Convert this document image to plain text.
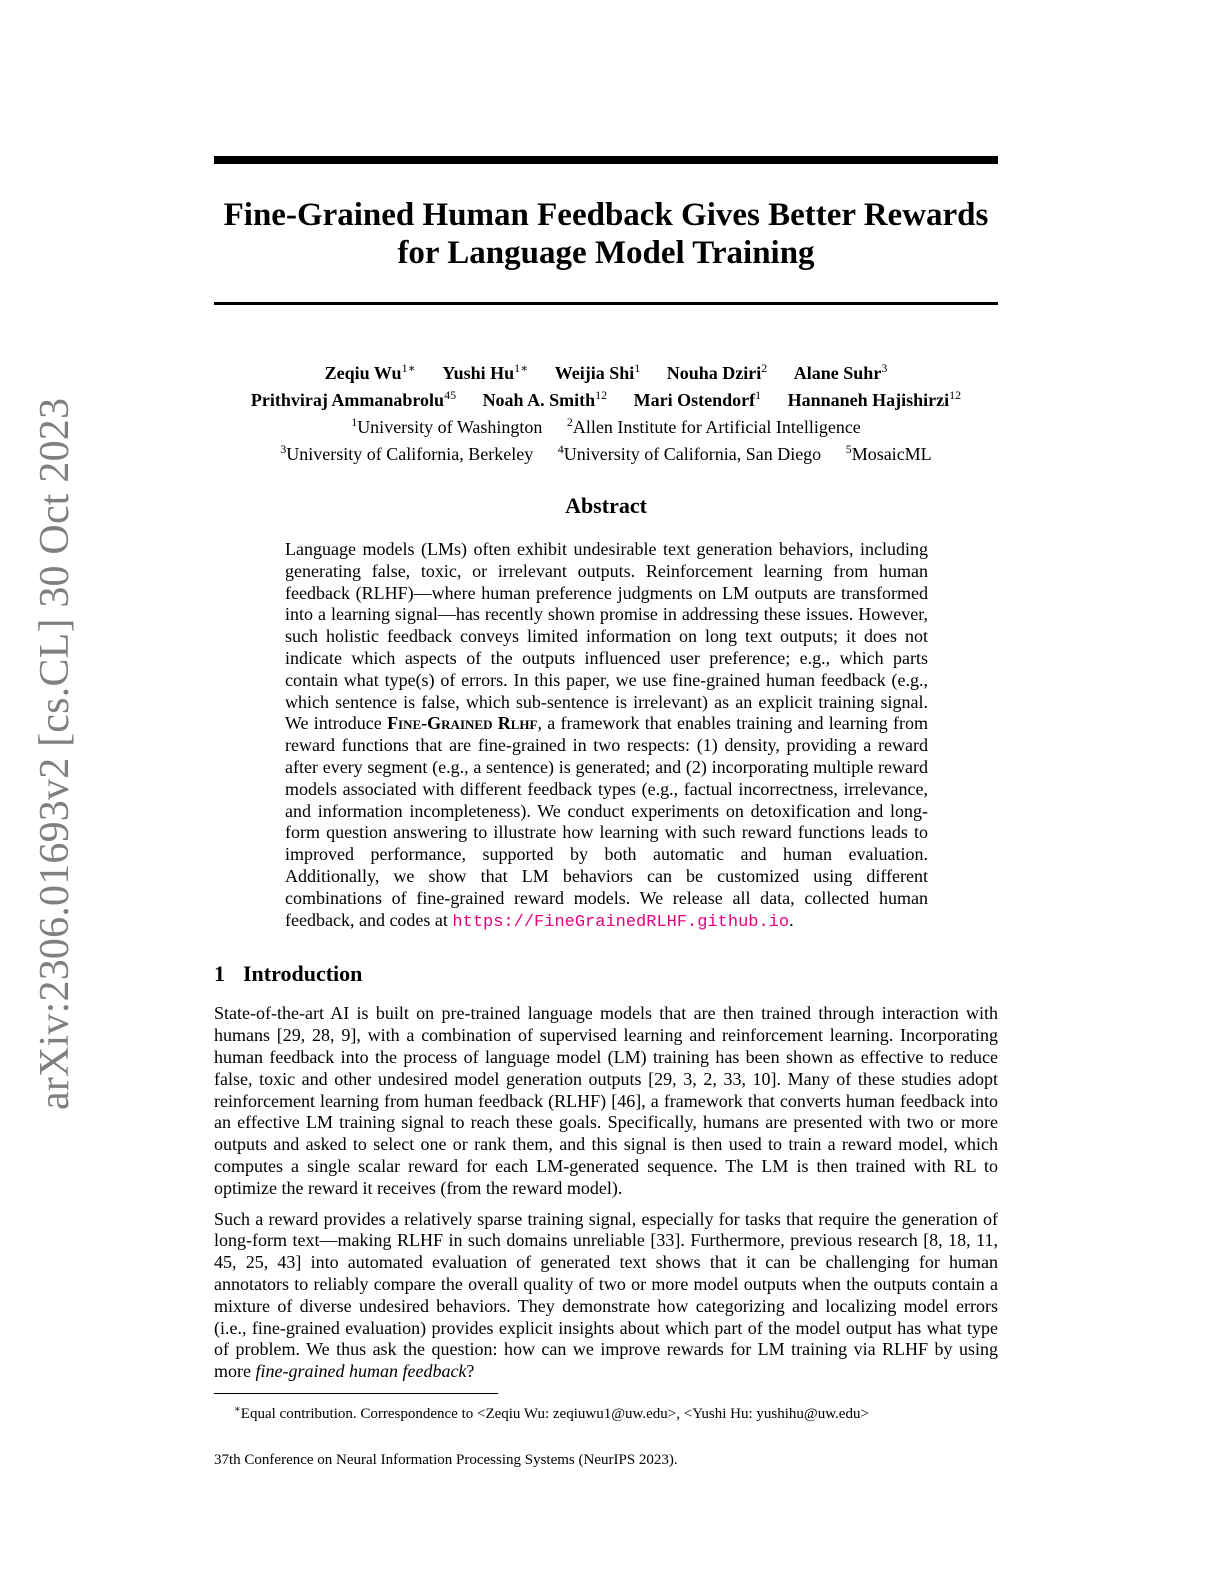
arXiv:2306.01693v2 [cs.CL] 30 Oct 2023
Fine-Grained Human Feedback Gives Better Rewards
for Language Model Training
Zeqiu $Wu^{1∗}$ Yushi $Hu^{1∗}$ Weijia Shi$^1$ Nouha Dziri$^2$ Alane Suhr$^3$
Prithviraj Ammanabrolu$^{45}$ Noah A. Smith$^{12}$ Mari Ostendorf$^1$ Hannaneh Hajishirzi$^{12}$
$^1$University of Washington $^2$Allen Institute for Artificial Intelligence
$^3$University of California, Berkeley $^4$University of California, San Diego $^5$MosaicML
Abstract
Language models (LMs) often exhibit undesirable text generation behaviors, including generating false, toxic, or irrelevant outputs. Reinforcement learning from human feedback (RLHF)—where human preference judgments on LM outputs are transformed into a learning signal—has recently shown promise in addressing these issues. However, such holistic feedback conveys limited information on long text outputs; it does not indicate which aspects of the outputs influenced user preference; e.g., which parts contain what type(s) of errors. In this paper, we use fine-grained human feedback (e.g., which sentence is false, which sub-sentence is irrelevant) as an explicit training signal. We introduce Fine-Grained Rlhf, a framework that enables training and learning from reward functions that are fine-grained in two respects: (1) density, providing a reward after every segment (e.g., a sentence) is generated; and (2) incorporating multiple reward models associated with different feedback types (e.g., factual incorrectness, irrelevance, and information incompleteness). We conduct experiments on detoxification and long-form question answering to illustrate how learning with such reward functions leads to improved performance, supported by both automatic and human evaluation. Additionally, we show that LM behaviors can be customized using different combinations of fine-grained reward models. We release all data, collected human feedback, and codes at https://FineGrainedRLHF.github.io.
1 Introduction
State-of-the-art AI is built on pre-trained language models that are then trained through interaction with humans [29, 28, 9], with a combination of supervised learning and reinforcement learning. Incorporating human feedback into the process of language model (LM) training has been shown as effective to reduce false, toxic and other undesired model generation outputs [29, 3, 2, 33, 10]. Many of these studies adopt reinforcement learning from human feedback (RLHF) [46], a framework that converts human feedback into an effective LM training signal to reach these goals. Specifically, humans are presented with two or more outputs and asked to select one or rank them, and this signal is then used to train a reward model, which computes a single scalar reward for each LM-generated sequence. The LM is then trained with RL to optimize the reward it receives (from the reward model).
Such a reward provides a relatively sparse training signal, especially for tasks that require the generation of long-form text—making RLHF in such domains unreliable [33]. Furthermore, previous research [8, 18, 11, 45, 25, 43] into automated evaluation of generated text shows that it can be challenging for human annotators to reliably compare the overall quality of two or more model outputs when the outputs contain a mixture of diverse undesired behaviors. They demonstrate how categorizing and localizing model errors (i.e., fine-grained evaluation) provides explicit insights about which part of the model output has what type of problem. We thus ask the question: how can we improve rewards for LM training via RLHF by using more fine-grained human feedback?
∗Equal contribution. Correspondence to <Zeqiu Wu: zeqiuwu1@uw.edu>, <Yushi Hu: yushihu@uw.edu>
37th Conference on Neural Information Processing Systems (NeurIPS 2023).
